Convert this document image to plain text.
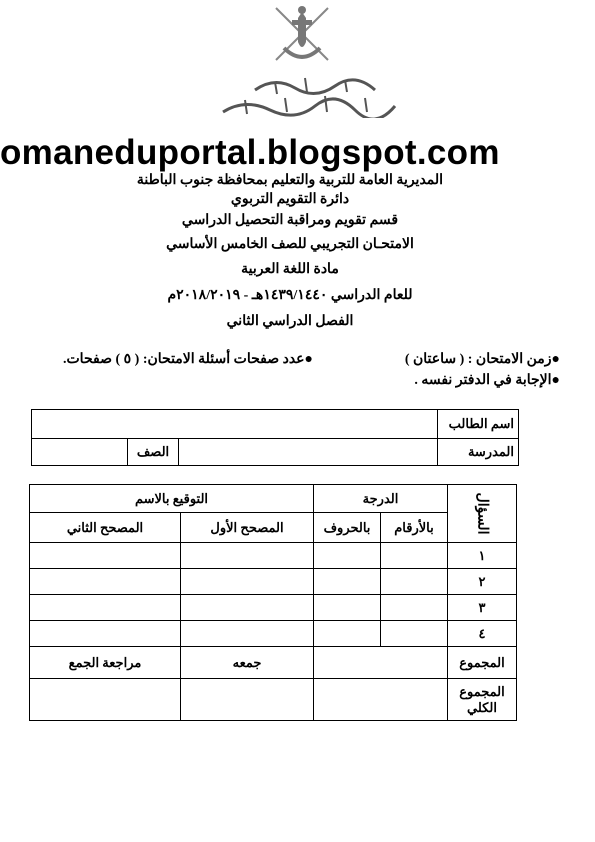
omaneduportal.blogspot.com
المديرية العامة للتربية والتعليم بمحافظة جنوب الباطنة
دائرة التقويم التربوي
قسم تقويم ومراقبة التحصيل الدراسي
الامتحـان التجريبي للصف الخامس الأساسي
مادة اللغة العربية
للعام الدراسي ١٤٣٩/١٤٤٠هـ - ٢٠١٨/٢٠١٩م
الفصل الدراسي الثاني
●زمن الامتحان : ( ساعتان )
●عدد صفحات أسئلة الامتحان: ( ٥ ) صفحات.
●الإجابة في الدفتر نفسه .
اسم الطالب			
المدرسة		الصف	
السؤال	الدرجة		التوقيع بالاسم	
	بالأرقام	بالحروف	المصحح الأول	المصحح الثاني
١				
٢				
٣				
٤				
المجموع			جمعه	مراجعة الجمع
المجموع الكلي				
